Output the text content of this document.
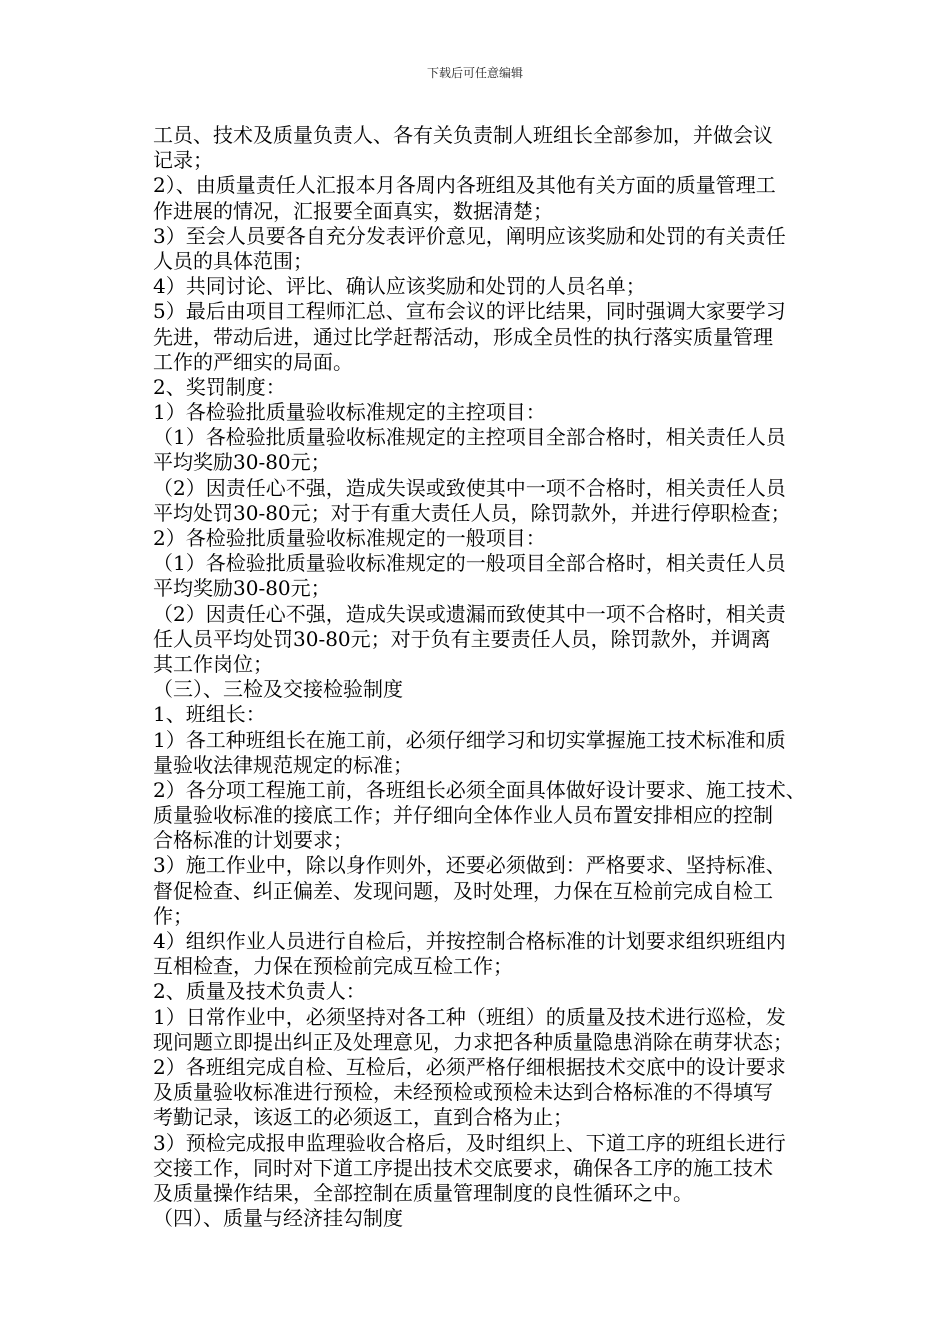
下载后可任意编辑
工员、技术及质量负责人、各有关负责制人班组长全部参加，并做会议
记录；
2）、由质量责任人汇报本月各周内各班组及其他有关方面的质量管理工
作进展的情况，汇报要全面真实，数据清楚；
3）至会人员要各自充分发表评价意见，阐明应该奖励和处罚的有关责任
人员的具体范围；
4）共同讨论、评比、确认应该奖励和处罚的人员名单；
5）最后由项目工程师汇总、宣布会议的评比结果，同时强调大家要学习
先进，带动后进，通过比学赶帮活动，形成全员性的执行落实质量管理
工作的严细实的局面。
2、奖罚制度：
1）各检验批质量验收标准规定的主控项目：
（1）各检验批质量验收标准规定的主控项目全部合格时，相关责任人员
平均奖励30-80元；
（2）因责任心不强，造成失误或致使其中一项不合格时，相关责任人员
平均处罚30-80元；对于有重大责任人员，除罚款外，并进行停职检查；
2）各检验批质量验收标准规定的一般项目：
（1）各检验批质量验收标准规定的一般项目全部合格时，相关责任人员
平均奖励30-80元；
（2）因责任心不强，造成失误或遗漏而致使其中一项不合格时，相关责
任人员平均处罚30-80元；对于负有主要责任人员，除罚款外，并调离
其工作岗位；
（三）、三检及交接检验制度
1、班组长：
1）各工种班组长在施工前，必须仔细学习和切实掌握施工技术标准和质
量验收法律规范规定的标准；
2）各分项工程施工前，各班组长必须全面具体做好设计要求、施工技术、
质量验收标准的接底工作；并仔细向全体作业人员布置安排相应的控制
合格标准的计划要求；
3）施工作业中，除以身作则外，还要必须做到：严格要求、坚持标准、
督促检查、纠正偏差、发现问题，及时处理，力保在互检前完成自检工
作；
4）组织作业人员进行自检后，并按控制合格标准的计划要求组织班组内
互相检查，力保在预检前完成互检工作；
2、质量及技术负责人：
1）日常作业中，必须坚持对各工种（班组）的质量及技术进行巡检，发
现问题立即提出纠正及处理意见，力求把各种质量隐患消除在萌芽状态；
2）各班组完成自检、互检后，必须严格仔细根据技术交底中的设计要求
及质量验收标准进行预检，未经预检或预检未达到合格标准的不得填写
考勤记录，该返工的必须返工，直到合格为止；
3）预检完成报申监理验收合格后，及时组织上、下道工序的班组长进行
交接工作，同时对下道工序提出技术交底要求，确保各工序的施工技术
及质量操作结果，全部控制在质量管理制度的良性循环之中。
（四）、质量与经济挂勾制度
